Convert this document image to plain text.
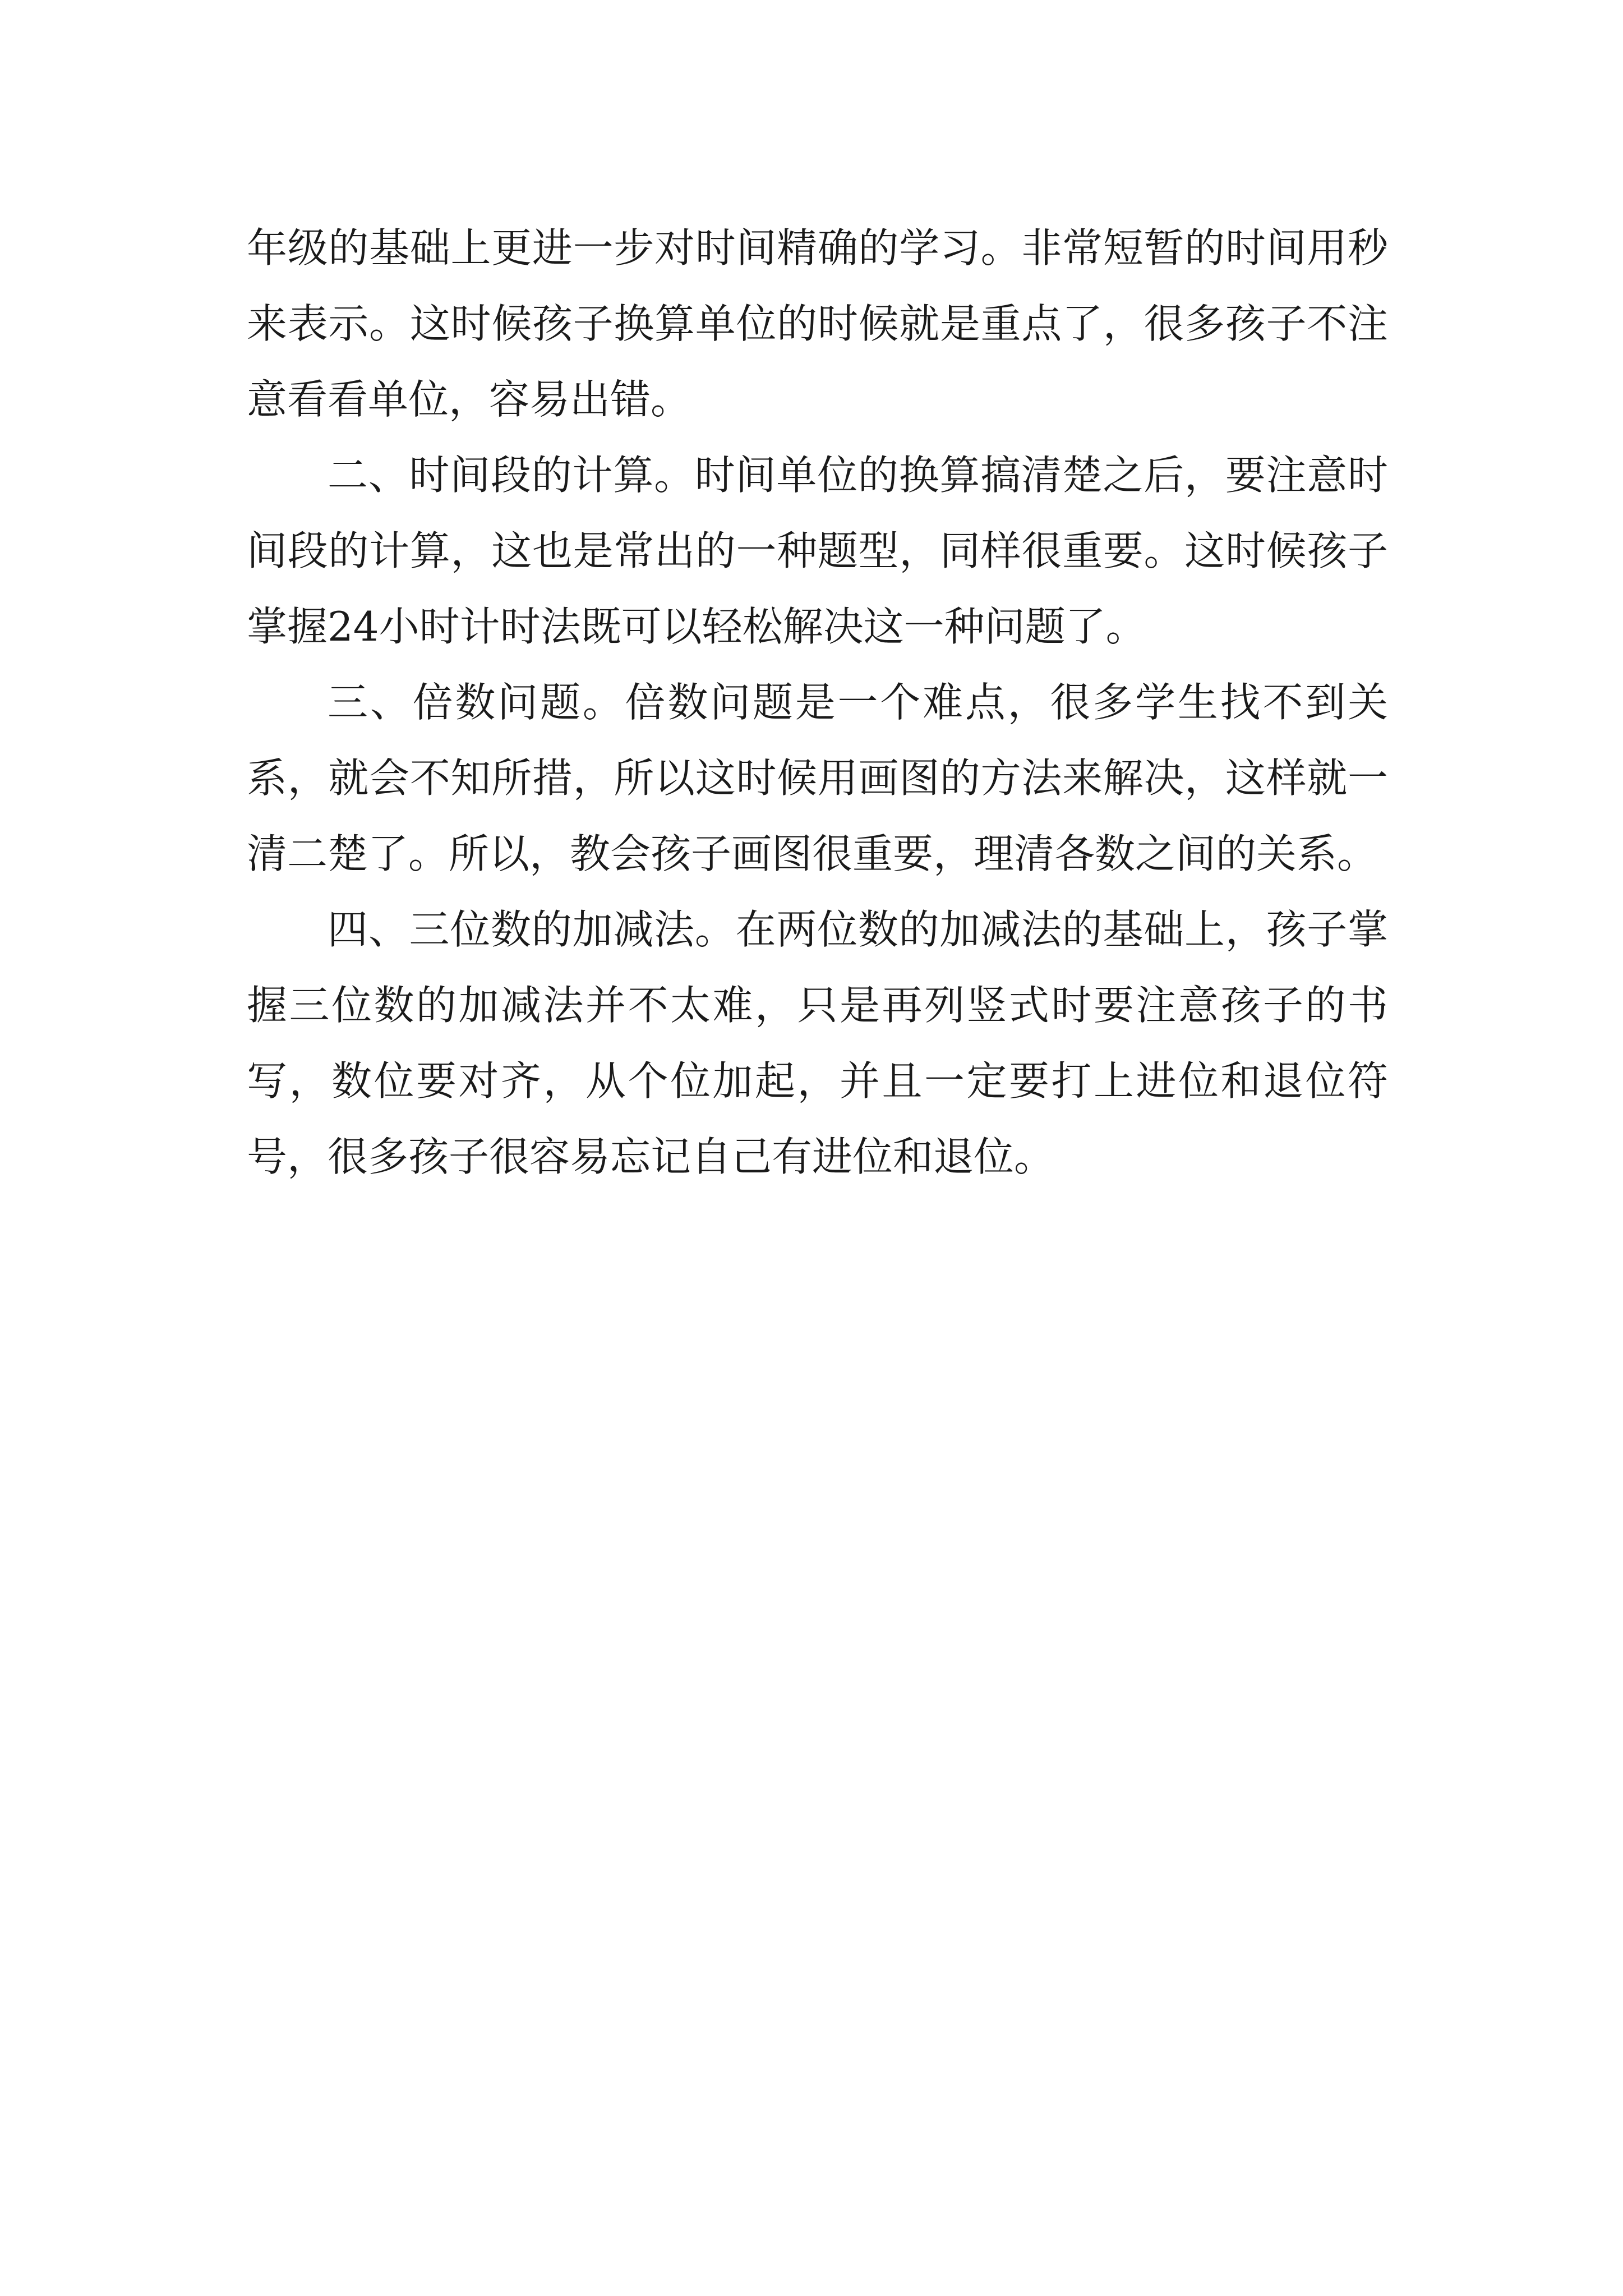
年级的基础上更进一步对时间精确的学习。非常短暂的时间用秒来表示。这时候孩子换算单位的时候就是重点了，很多孩子不注意看看单位，容易出错。

二、时间段的计算。时间单位的换算搞清楚之后，要注意时间段的计算，这也是常出的一种题型，同样很重要。这时候孩子掌握24小时计时法既可以轻松解决这一种问题了。

三、倍数问题。倍数问题是一个难点，很多学生找不到关系，就会不知所措，所以这时候用画图的方法来解决，这样就一清二楚了。所以，教会孩子画图很重要，理清各数之间的关系。

四、三位数的加减法。在两位数的加减法的基础上，孩子掌握三位数的加减法并不太难，只是再列竖式时要注意孩子的书写，数位要对齐，从个位加起，并且一定要打上进位和退位符号，很多孩子很容易忘记自己有进位和退位。
